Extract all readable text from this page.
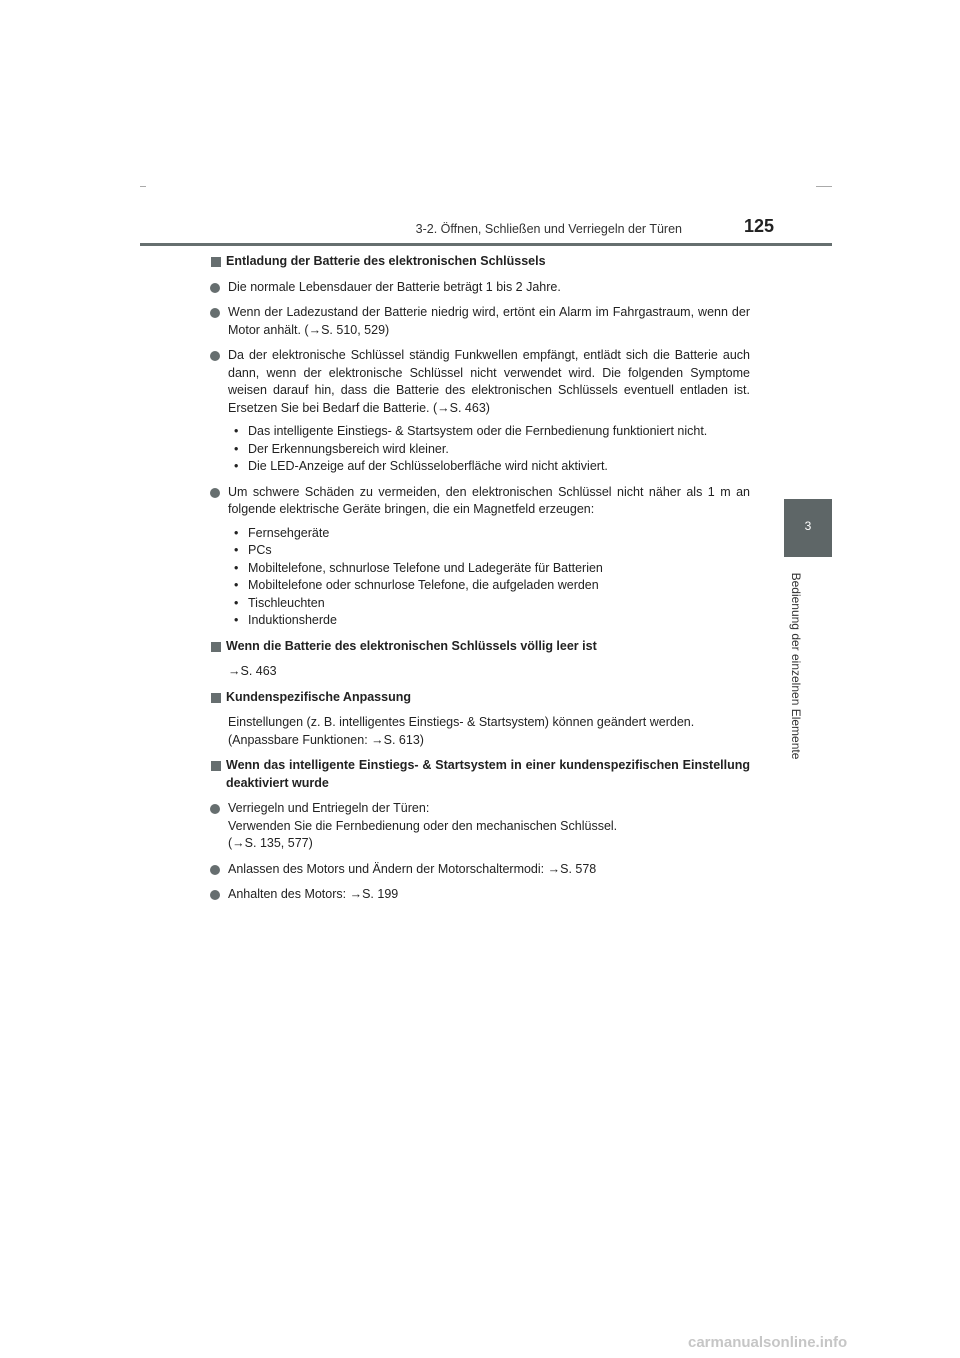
3-2. Öffnen, Schließen und Verriegeln der Türen	125
3
Bedienung der einzelnen Elemente
Entladung der Batterie des elektronischen Schlüssels
Die normale Lebensdauer der Batterie beträgt 1 bis 2 Jahre.
Wenn der Ladezustand der Batterie niedrig wird, ertönt ein Alarm im Fahrgastraum, wenn der Motor anhält. (→S. 510, 529)
Da der elektronische Schlüssel ständig Funkwellen empfängt, entlädt sich die Batterie auch dann, wenn der elektronische Schlüssel nicht verwendet wird. Die folgenden Symptome weisen darauf hin, dass die Batterie des elektronischen Schlüssels eventuell entladen ist. Ersetzen Sie bei Bedarf die Batterie. (→S. 463)
• Das intelligente Einstiegs- & Startsystem oder die Fernbedienung funktioniert nicht.
• Der Erkennungsbereich wird kleiner.
• Die LED-Anzeige auf der Schlüsseloberfläche wird nicht aktiviert.
Um schwere Schäden zu vermeiden, den elektronischen Schlüssel nicht näher als 1 m an folgende elektrische Geräte bringen, die ein Magnetfeld erzeugen:
• Fernsehgeräte
• PCs
• Mobiltelefone, schnurlose Telefone und Ladegeräte für Batterien
• Mobiltelefone oder schnurlose Telefone, die aufgeladen werden
• Tischleuchten
• Induktionsherde
Wenn die Batterie des elektronischen Schlüssels völlig leer ist
→S. 463
Kundenspezifische Anpassung
Einstellungen (z. B. intelligentes Einstiegs- & Startsystem) können geändert werden.
(Anpassbare Funktionen: →S. 613)
Wenn das intelligente Einstiegs- & Startsystem in einer kundenspezifischen Einstellung deaktiviert wurde
Verriegeln und Entriegeln der Türen:
Verwenden Sie die Fernbedienung oder den mechanischen Schlüssel.
(→S. 135, 577)
Anlassen des Motors und Ändern der Motorschaltermodi: →S. 578
Anhalten des Motors: →S. 199
carmanualsonline.info
